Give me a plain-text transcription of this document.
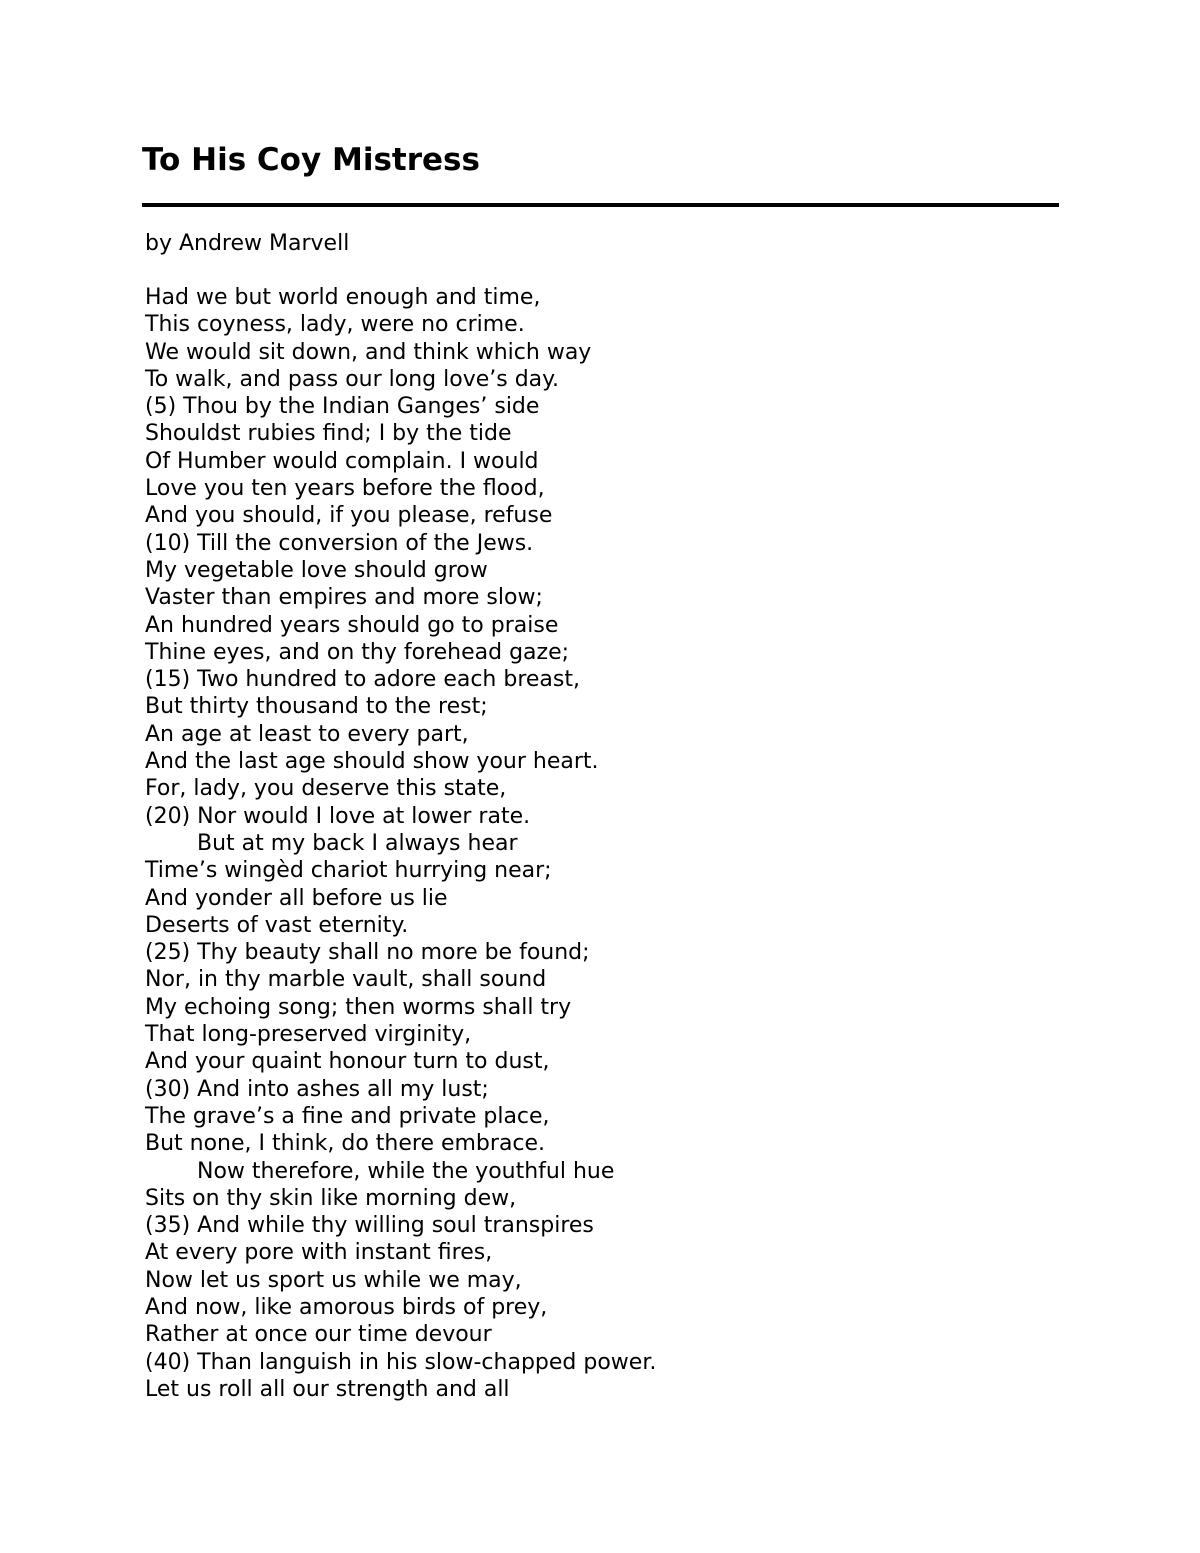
To His Coy Mistress

by Andrew Marvell

Had we but world enough and time,
This coyness, lady, were no crime.
We would sit down, and think which way
To walk, and pass our long love’s day.
(5) Thou by the Indian Ganges’ side
Shouldst rubies find; I by the tide
Of Humber would complain. I would
Love you ten years before the flood,
And you should, if you please, refuse
(10) Till the conversion of the Jews.
My vegetable love should grow
Vaster than empires and more slow;
An hundred years should go to praise
Thine eyes, and on thy forehead gaze;
(15) Two hundred to adore each breast,
But thirty thousand to the rest;
An age at least to every part,
And the last age should show your heart.
For, lady, you deserve this state,
(20) Nor would I love at lower rate.
But at my back I always hear
Time’s wingèd chariot hurrying near;
And yonder all before us lie
Deserts of vast eternity.
(25) Thy beauty shall no more be found;
Nor, in thy marble vault, shall sound
My echoing song; then worms shall try
That long-preserved virginity,
And your quaint honour turn to dust,
(30) And into ashes all my lust;
The grave’s a fine and private place,
But none, I think, do there embrace.
Now therefore, while the youthful hue
Sits on thy skin like morning dew,
(35) And while thy willing soul transpires
At every pore with instant fires,
Now let us sport us while we may,
And now, like amorous birds of prey,
Rather at once our time devour
(40) Than languish in his slow-chapped power.
Let us roll all our strength and all
